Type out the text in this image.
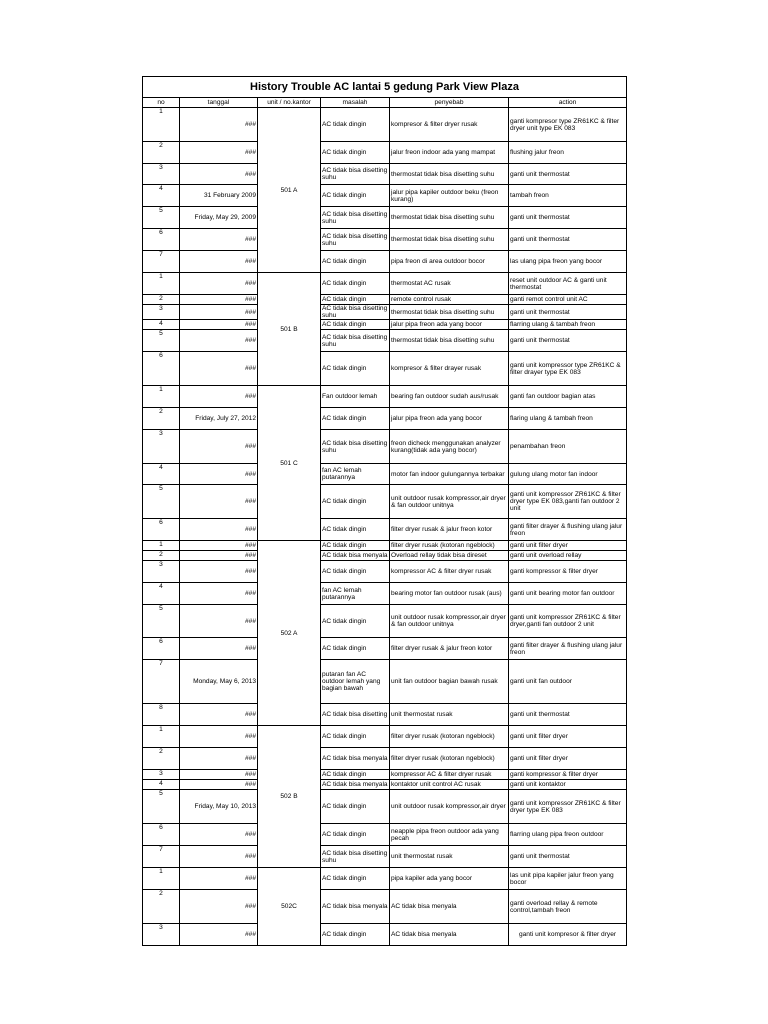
History Trouble AC lantai 5 gedung Park View Plaza					
no	tanggal	unit / no.kantor	masalah	penyebab	action
1	###	501 A	AC tidak dingin	kompresor & filter dryer rusak	ganti kompresor type ZR61KC & filter dryer unit type EK 083
2	###		AC tidak dingin	jalur freon indoor ada yang mampat	flushing jalur freon
3	###		AC tidak bisa disetting suhu	thermostat tidak bisa disetting suhu	ganti unit thermostat
4	31 February 2009		AC tidak dingin	jalur pipa kapiler outdoor beku (freon kurang)	tambah freon
5	Friday, May 29, 2009		AC tidak bisa disetting suhu	thermostat tidak bisa disetting suhu	ganti unit thermostat
6	###		AC tidak bisa disetting suhu	thermostat tidak bisa disetting suhu	ganti unit thermostat
7	###		AC tidak dingin	pipa freon di area outdoor bocor	las ulang pipa freon yang bocor
1	###	501 B	AC tidak dingin	thermostat AC rusak	reset unit outdoor AC & ganti unit thermostat
2	###		AC tidak dingin	remote control rusak	ganti remot control unit AC
3	###		AC tidak bisa disetting suhu	thermostat tidak bisa disetting suhu	ganti unit thermostat
4	###		AC tidak dingin	jalur pipa freon ada yang bocor	flarring ulang & tambah freon
5	###		AC tidak bisa disetting suhu	thermostat tidak bisa disetting suhu	ganti unit thermostat
6	###		AC tidak dingin	kompresor & filter drayer rusak	ganti unit kompressor type ZR61KC & filter drayer type EK 083
1	###	501 C	Fan outdoor lemah	bearing fan outdoor sudah aus/rusak	ganti fan outdoor bagian atas
2	Friday, July 27, 2012		AC tidak dingin	jalur pipa freon ada yang bocor	flaring ulang & tambah freon
3	###		AC tidak bisa disetting suhu	freon dicheck menggunakan analyzer kurang(tidak ada yang bocor)	penambahan freon
4	###		fan AC lemah putarannya	motor fan indoor gulungannya terbakar	gulung ulang motor fan indoor
5	###		AC tidak dingin	unit outdoor rusak kompressor,air dryer & fan outdoor unitnya	ganti unit kompressor ZR61KC & filter dryer type EK 083,ganti fan outdoor 2 unit
6	###		AC tidak dingin	filter dryer rusak & jalur freon kotor	ganti filter drayer & flushing ulang jalur freon
1	###	502 A	AC tidak dingin	filter dryer rusak (kotoran ngeblock)	ganti unit filter dryer
2	###		AC tidak bisa menyala	Overload rellay tidak bisa direset	ganti unit overload rellay
3	###		AC tidak dingin	kompressor AC & filter dryer rusak	ganti kompressor & filter dryer
4	###		fan AC lemah putarannya	bearing motor fan outdoor rusak (aus)	ganti unit bearing motor fan outdoor
5	###		AC tidak dingin	unit outdoor rusak kompressor,air dryer & fan outdoor unitnya	ganti unit kompressor ZR61KC & filter dryer,ganti fan outdoor 2 unit
6	###		AC tidak dingin	filter dryer rusak & jalur freon kotor	ganti filter drayer & flushing ulang jalur freon
7	Monday, May 6, 2013		putaran fan AC outdoor lemah yang bagian bawah	unit fan outdoor bagian bawah rusak	ganti unit fan outdoor
8	###		AC tidak bisa disetting	unit thermostat rusak	ganti unit thermostat
1	###	502 B	AC tidak dingin	filter dryer rusak (kotoran ngeblock)	ganti unit filter dryer
2	###		AC tidak bisa menyala	filter dryer rusak (kotoran ngeblock)	ganti unit filter dryer
3	###		AC tidak dingin	kompressor AC & filter dryer rusak	ganti kompressor & filter dryer
4	###		AC tidak bisa menyala	kontaktor unit control AC rusak	ganti unit kontaktor
5	Friday, May 10, 2013		AC tidak dingin	unit outdoor rusak kompressor,air dryer	ganti unit kompressor ZR61KC & filter dryer type EK 083
6	###		AC tidak dingin	neapple pipa freon outdoor ada yang pecah	flarring ulang pipa freon outdoor
7	###		AC tidak bisa disetting suhu	unit thermostat rusak	ganti unit thermostat
1	###	502C	AC tidak dingin	pipa kapiler ada yang bocor	las unit pipa kapiler jalur freon yang bocor
2	###		AC tidak bisa menyala	AC tidak bisa menyala	ganti overload rellay & remote control,tambah freon
3	###		AC tidak dingin	AC tidak bisa menyala	ganti unit kompresor & filter dryer
